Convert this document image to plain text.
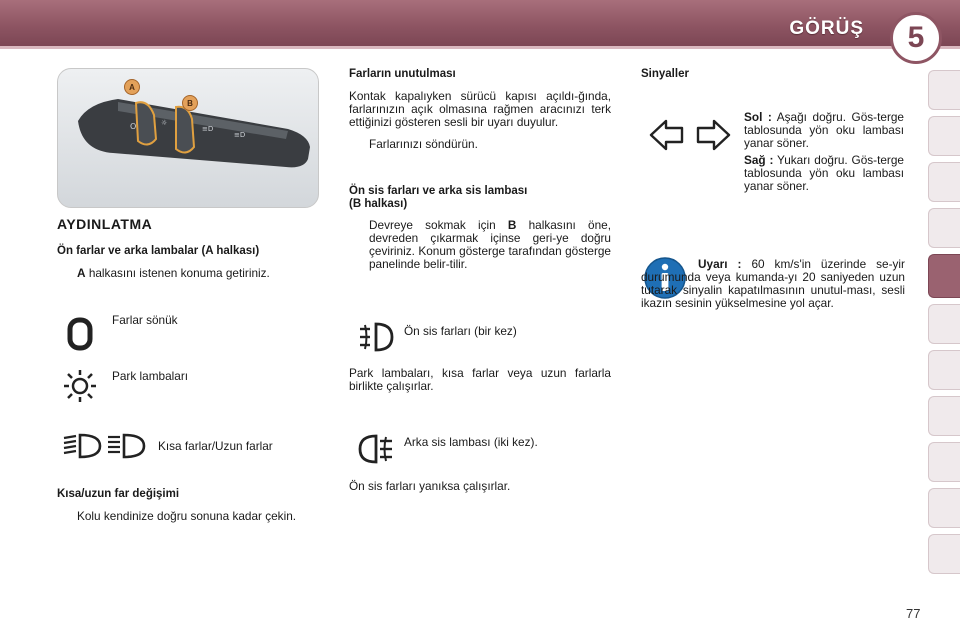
GÖRÜŞ	5
O	☼
≡D
≡D
A
B
AYDINLATMA
Ön farlar ve arka lambalar (A halkası)
A halkasını istenen konuma getiriniz.
Farlar sönük
Park lambaları
Kısa farlar/Uzun farlar
Kısa/uzun far değişimi
Kolu kendinize doğru sonuna kadar çekin.
Farların unutulması
Kontak kapalıyken sürücü kapısı açıldı-ğında, farlarınızın açık olmasına rağmen aracınızı terk ettiğinizi gösteren sesli bir uyarı duyulur.
Farlarınızı söndürün.
Ön sis farları ve arka sis lambası
(B halkası)
Devreye sokmak için B halkasını öne, devreden çıkarmak içinse geri-ye doğru çeviriniz. Konum gösterge tarafından gösterge panelinde belir-tilir.
Ön sis farları (bir kez)
Park lambaları, kısa farlar veya uzun farlarla birlikte çalışırlar.
Arka sis lambası (iki kez).
Ön sis farları yanıksa çalışırlar.
Sinyaller
Sol : Aşağı doğru. Gös-terge tablosunda yön oku lambası yanar söner.
Sağ : Yukarı doğru. Gös-terge tablosunda yön oku lambası yanar söner.
Uyarı : 60 km/s'in üzerinde se-yir durumunda veya kumanda-yı 20 saniyeden uzun tutarak sinyalin kapatılmasının unutul-ması, sesli ikazın sesinin yükselmesine yol açar.
77
